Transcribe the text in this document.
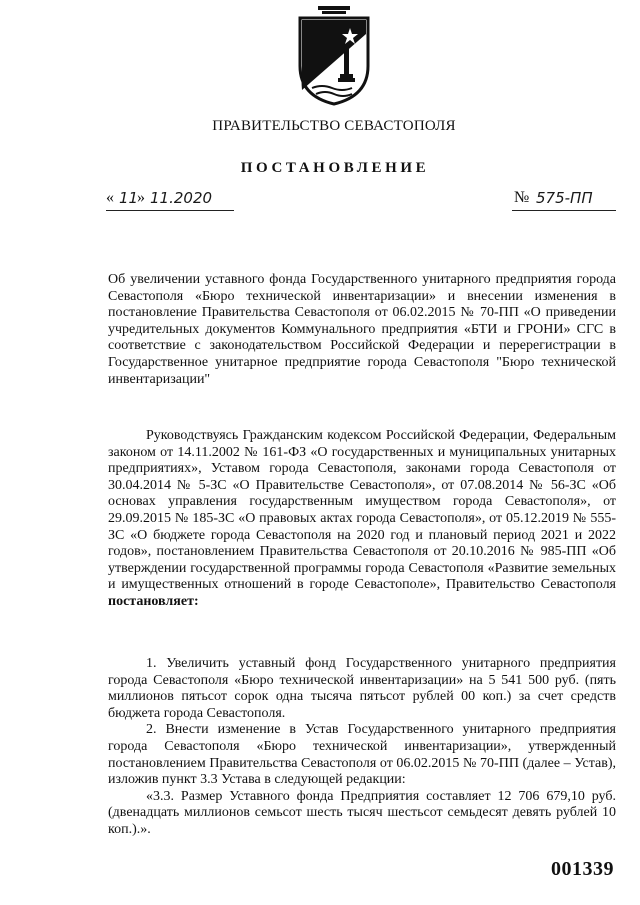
ПРАВИТЕЛЬСТВО СЕВАСТОПОЛЯ
ПОСТАНОВЛЕНИЕ
« 11
» 11.2020	№ 575-ПП
Об увеличении уставного фонда Государственного унитарного предприятия города Севастополя «Бюро технической инвентаризации» и внесении изменения в постановление Правительства Севастополя от 06.02.2015 № 70-ПП «О приведении учредительных документов Коммунального предприятия «БТИ и ГРОНИ» СГС в соответствие с законодательством Российской Федерации и перерегистрации в Государственное унитарное предприятие города Севастополя "Бюро технической инвентаризации"
Руководствуясь Гражданским кодексом Российской Федерации, Федеральным законом от 14.11.2002 № 161-ФЗ «О государственных и муниципальных унитарных предприятиях», Уставом города Севастополя, законами города Севастополя от 30.04.2014 № 5-ЗС «О Правительстве Севастополя», от 07.08.2014 № 56-ЗС «Об основах управления государственным имуществом города Севастополя», от 29.09.2015 № 185-ЗС «О правовых актах города Севастополя», от 05.12.2019 № 555-ЗС «О бюджете города Севастополя на 2020 год и плановый период 2021 и 2022 годов», постановлением Правительства Севастополя от 20.10.2016 № 985-ПП «Об утверждении государственной программы города Севастополя «Развитие земельных и имущественных отношений в городе Севастополе», Правительство Севастополя постановляет:

1. Увеличить уставный фонд Государственного унитарного предприятия города Севастополя «Бюро технической инвентаризации» на 5 541 500 руб. (пять миллионов пятьсот сорок одна тысяча пятьсот рублей 00 коп.) за счет средств бюджета города Севастополя.

2. Внести изменение в Устав Государственного унитарного предприятия города Севастополя «Бюро технической инвентаризации», утвержденный постановлением Правительства Севастополя от 06.02.2015 № 70-ПП (далее – Устав), изложив пункт 3.3 Устава в следующей редакции:

«3.3. Размер Уставного фонда Предприятия составляет 12 706 679,10 руб. (двенадцать миллионов семьсот шесть тысяч шестьсот семьдесят девять рублей 10 коп.).».

001339
